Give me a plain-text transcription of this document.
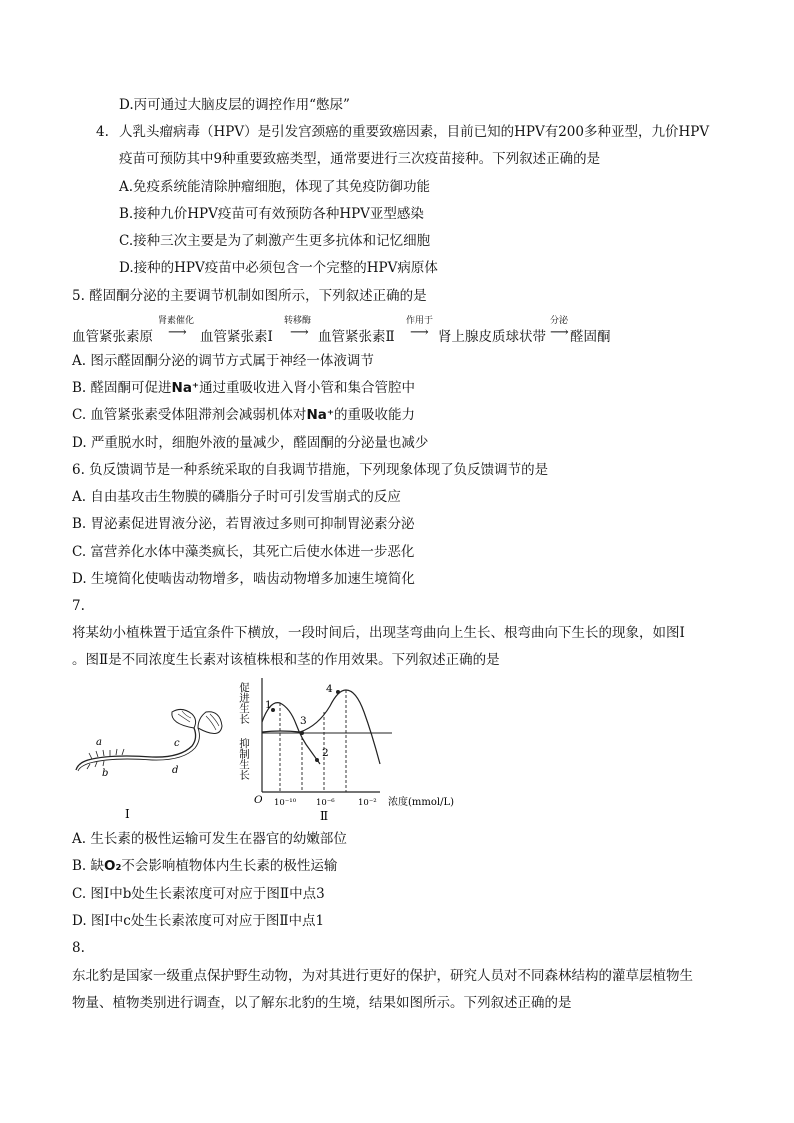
D.丙可通过大脑皮层的调控作用“憋尿”
4. 人乳头瘤病毒（HPV）是引发宫颈癌的重要致癌因素，目前已知的HPV有200多种亚型，九价HPV
疫苗可预防其中9种重要致癌类型，通常要进行三次疫苗接种。下列叙述正确的是
A.免疫系统能清除肿瘤细胞，体现了其免疫防御功能
B.接种九价HPV疫苗可有效预防各种HPV亚型感染
C.接种三次主要是为了刺激产生更多抗体和记忆细胞
D.接种的HPV疫苗中必须包含一个完整的HPV病原体
5. 醛固酮分泌的主要调节机制如图所示，下列叙述正确的是
血管紧张素原
肾素催化
⟶ 血管紧张素Ⅰ
转移酶
⟶ 血管紧张素Ⅱ
作用于
⟶ 肾上腺皮质球状带
分泌
⟶ 醛固酮
A. 图示醛固酮分泌的调节方式属于神经一体液调节
B. 醛固酮可促进Na⁺通过重吸收进入肾小管和集合管腔中
C. 血管紧张素受体阻滞剂会减弱机体对Na⁺的重吸收能力
D. 严重脱水时，细胞外液的量减少，醛固酮的分泌量也减少
6. 负反馈调节是一种系统采取的自我调节措施，下列现象体现了负反馈调节的是
A. 自由基攻击生物膜的磷脂分子时可引发雪崩式的反应
B. 胃泌素促进胃液分泌，若胃液过多则可抑制胃泌素分泌
C. 富营养化水体中藻类疯长，其死亡后使水体进一步恶化
D. 生境简化使啮齿动物增多，啮齿动物增多加速生境简化
7.
将某幼小植株置于适宜条件下横放，一段时间后，出现茎弯曲向上生长、根弯曲向下生长的现象，如图Ⅰ
。图Ⅱ是不同浓度生长素对该植株根和茎的作用效果。下列叙述正确的是
a
b
c
d
Ⅰ
促进生长
抑制生长
O
1
2
3
4
10⁻¹⁰ 10⁻⁶	10⁻² 浓度(mmol/L)
Ⅱ
A. 生长素的极性运输可发生在器官的幼嫩部位
B. 缺O₂不会影响植物体内生长素的极性运输
C. 图Ⅰ中b处生长素浓度可对应于图Ⅱ中点3
D. 图Ⅰ中c处生长素浓度可对应于图Ⅱ中点1
8.
东北豹是国家一级重点保护野生动物，为对其进行更好的保护，研究人员对不同森林结构的灌草层植物生
物量、植物类别进行调查，以了解东北豹的生境，结果如图所示。下列叙述正确的是
